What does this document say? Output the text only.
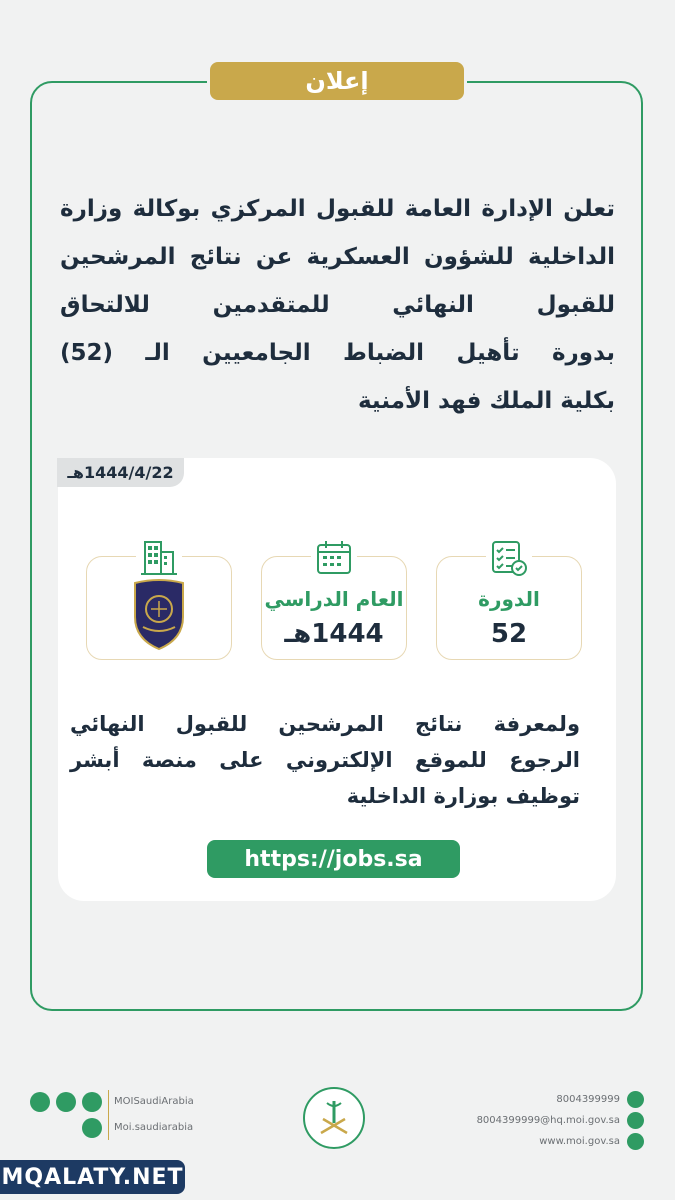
إعلان
تعلن الإدارة العامة للقبول المركزي بوكالة وزارة
الداخلية للشؤون العسكرية عن نتائج المرشحين
للقبول النهائي للمتقدمين للالتحاق
بدورة تأهيل الضباط الجامعيين الـ (52)
بكلية الملك فهد الأمنية
1444/4/22هـ
الدورة
52
العام الدراسي
1444هـ
ولمعرفة نتائج المرشحين للقبول النهائي
الرجوع للموقع الإلكتروني على منصة أبشر
توظيف بوزارة الداخلية
https://jobs.sa
MOISaudiArabia
Moi.saudiarabia
8004399999
8004399999@hq.moi.gov.sa
www.moi.gov.sa
MQALATY.NET
